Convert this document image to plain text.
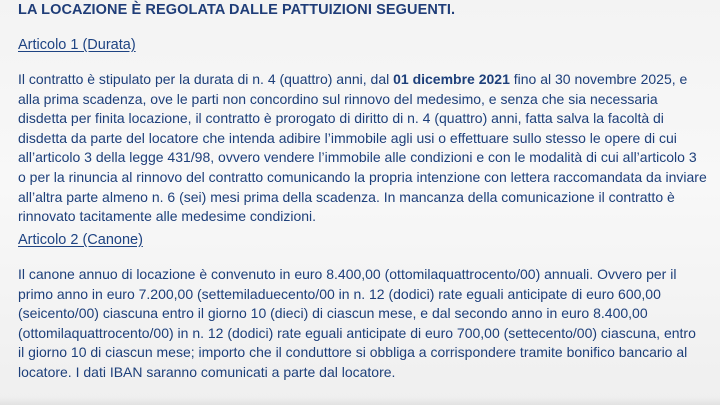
LA LOCAZIONE È REGOLATA DALLE PATTUIZIONI SEGUENTI.
Articolo 1 (Durata)
Il contratto è stipulato per la durata di n. 4 (quattro) anni, dal 01 dicembre 2021 fino al 30 novembre 2025, e
alla prima scadenza, ove le parti non concordino sul rinnovo del medesimo, e senza che sia necessaria
disdetta per finita locazione, il contratto è prorogato di diritto di n. 4 (quattro) anni, fatta salva la facoltà di
disdetta da parte del locatore che intenda adibire l’immobile agli usi o effettuare sullo stesso le opere di cui
all’articolo 3 della legge 431/98, ovvero vendere l’immobile alle condizioni e con le modalità di cui all’articolo 3
o per la rinuncia al rinnovo del contratto comunicando la propria intenzione con lettera raccomandata da inviare
all’altra parte almeno n. 6 (sei) mesi prima della scadenza. In mancanza della comunicazione il contratto è
rinnovato tacitamente alle medesime condizioni.
Articolo 2 (Canone)
Il canone annuo di locazione è convenuto in euro 8.400,00 (ottomilaquattrocento/00) annuali. Ovvero per il
primo anno in euro 7.200,00 (settemiladuecento/00 in n. 12 (dodici) rate eguali anticipate di euro 600,00
(seicento/00) ciascuna entro il giorno 10 (dieci) di ciascun mese, e dal secondo anno in euro 8.400,00
(ottomilaquattrocento/00) in n. 12 (dodici) rate eguali anticipate di euro 700,00 (settecento/00) ciascuna, entro
il giorno 10 di ciascun mese; importo che il conduttore si obbliga a corrispondere tramite bonifico bancario al
locatore. I dati IBAN saranno comunicati a parte dal locatore.
